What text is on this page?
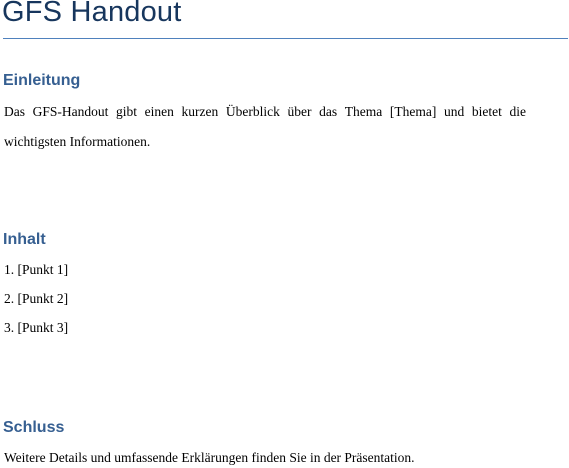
GFS Handout
Einleitung
Das GFS-Handout gibt einen kurzen Überblick über das Thema [Thema] und bietet die
wichtigsten Informationen.
Inhalt
1. [Punkt 1]
2. [Punkt 2]
3. [Punkt 3]
Schluss
Weitere Details und umfassende Erklärungen finden Sie in der Präsentation.
